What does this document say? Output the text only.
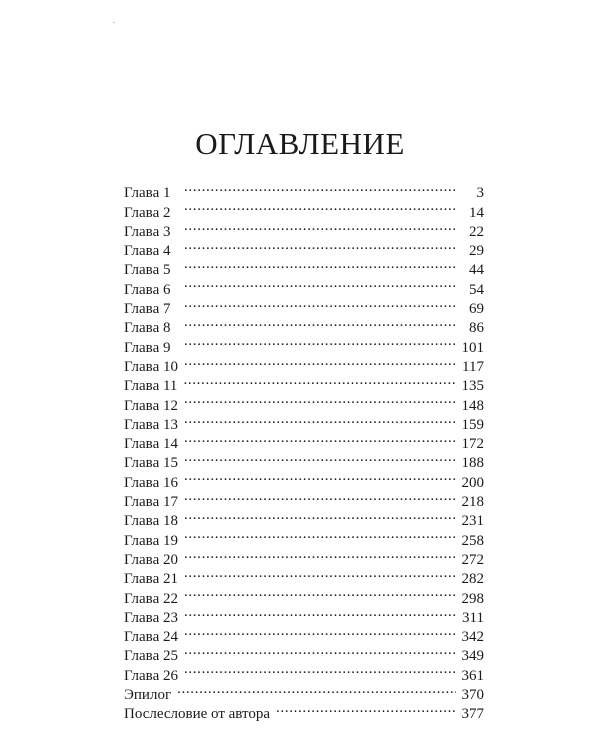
ОГЛАВЛЕНИЕ
Глава 1 . . .	3
Глава 2 . . .	14
Глава 3 . . .	22
Глава 4 . . .	29
Глава 5 . . .	44
Глава 6 . . .	54
Глава 7 . . .	69
Глава 8 . . .	86
Глава 9 . . .	101
Глава 10 . . .	117
Глава 11 . . .	135
Глава 12 . . .	148
Глава 13 . . .	159
Глава 14 . . .	172
Глава 15 . . .	188
Глава 16 . . .	200
Глава 17 . . .	218
Глава 18 . . .	231
Глава 19 . . .	258
Глава 20 . . .	272
Глава 21 . . .	282
Глава 22 . . .	298
Глава 23 . . .	311
Глава 24 . . .	342
Глава 25 . . .	349
Глава 26 . . .	361
Эпилог . . .	370
Послесловие от автора . . .	377
